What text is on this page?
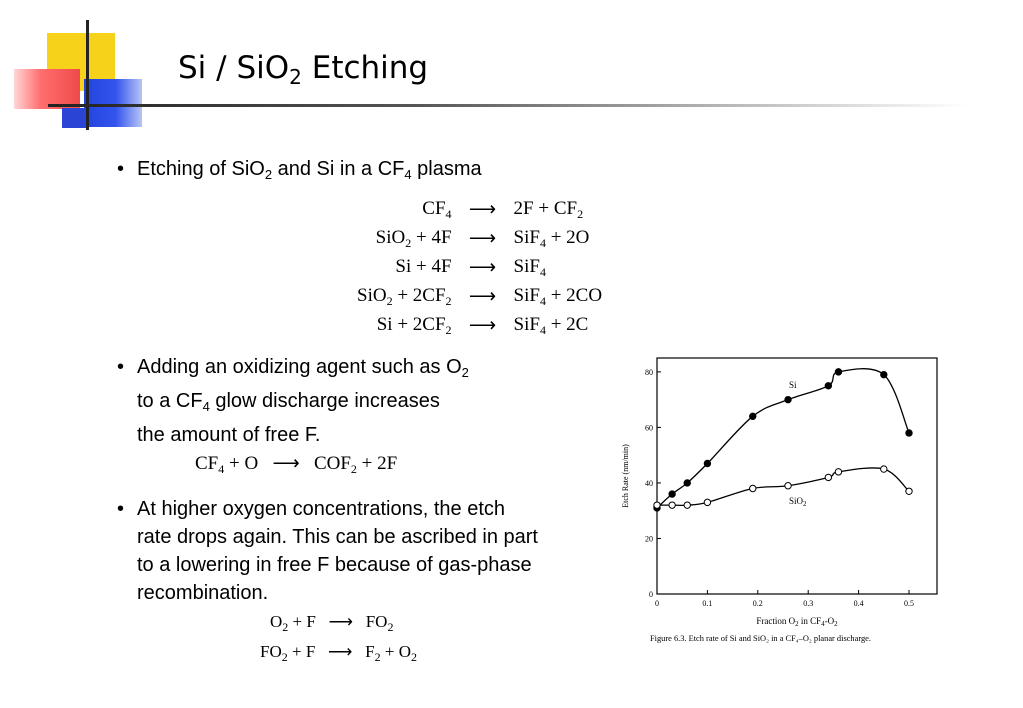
Si / SiO$_2$ Etching
• Etching of SiO$_2$ and Si in a $CF_4$ plasma
$CF_4$	⟶	$2F + CF_2$
SiO$_2$ + 4F	⟶	SiF$_4$ + 2O
Si + 4F	⟶	SiF$_4$
$SiO_2 + 2CF_2$	⟶	SiF$_4$ + 2CO
$Si + 2CF_2$	⟶	SiF$_4$ + 2C
• Adding an oxidizing agent such as $O_2$
to a $CF_4$ glow discharge increases
the amount of free F.
$CF_4 + O$ ⟶ $COF_2 + 2F$
• At higher oxygen concentrations, the etch
rate drops again. This can be ascribed in part
to a lowering in free F because of gas-phase
recombination.
$O_2 + F$ ⟶ $FO_2$
$FO_2 + F$ ⟶ $F_2 + O_2$
0	0.1	0.2	0.3	0.4	0.5
0
20
40
60
80
Etch Rate (nm/min)
Fraction $O_2$ in $CF_4-O_2$
Si
SiO$_2$
Figure 6.3. Etch rate of Si and SiO₂ in a CF₄–O₂ planar discharge.
